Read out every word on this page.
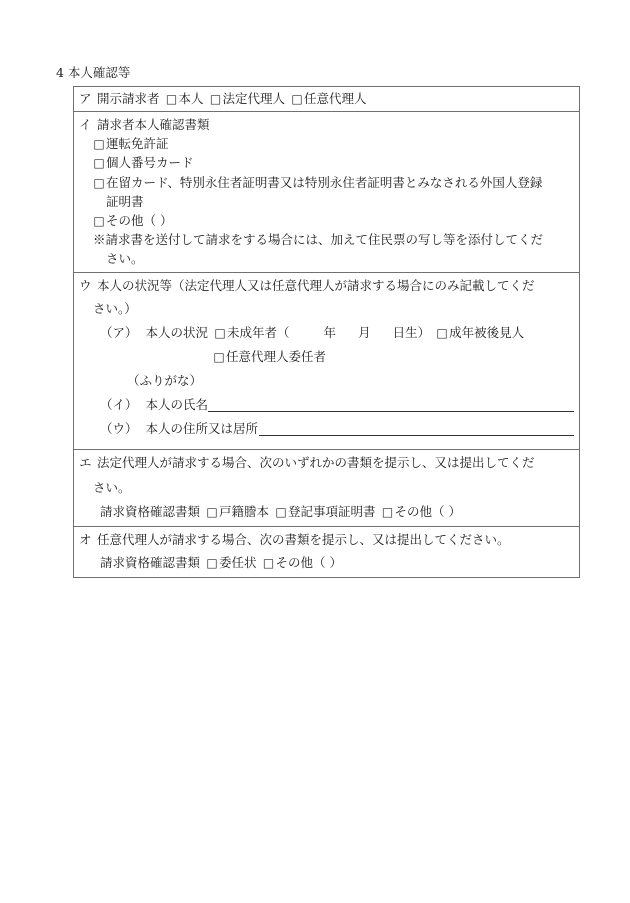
4 本人確認等
ア 開示請求者 □本人 □法定代理人 □任意代理人
イ 請求者本人確認書類
□運転免許証
□個人番号カード
□在留カード、特別永住者証明書又は特別永住者証明書とみなされる外国人登録
証明書
□その他（ ）
※請求書を送付して請求をする場合には、加えて住民票の写し等を添付してくだ
さい。
ウ 本人の状況等（法定代理人又は任意代理人が請求する場合にのみ記載してくだ
さい。）
（ア） 本人の状況 □未成年者（	年 月 日生） □成年被後見人
□任意代理人委任者
（ふりがな）
（イ） 本人の氏名
（ウ） 本人の住所又は居所
エ 法定代理人が請求する場合、次のいずれかの書類を提示し、又は提出してくだ
さい。
請求資格確認書類 □戸籍謄本 □登記事項証明書 □その他（ ）
オ 任意代理人が請求する場合、次の書類を提示し、又は提出してください。
請求資格確認書類 □委任状 □その他（ ）
